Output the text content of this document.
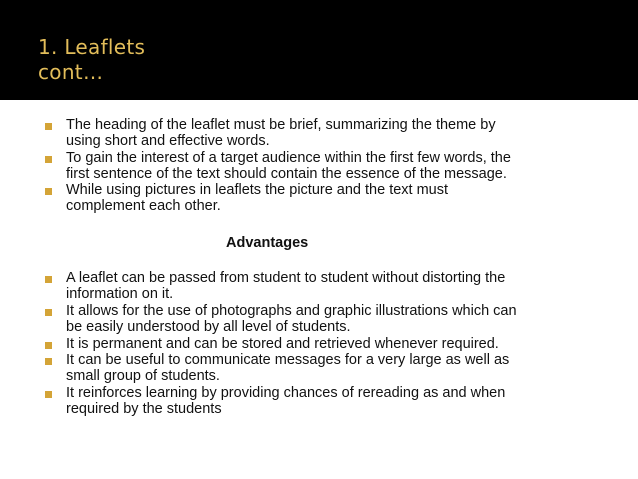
1. Leaflets
cont…
The heading of the leaflet must be brief, summarizing the theme by
using short and effective words.
To gain the interest of a target audience within the first few words, the
first sentence of the text should contain the essence of the message.
While using pictures in leaflets the picture and the text must
complement each other.
Advantages
A leaflet can be passed from student to student without distorting the
information on it.
It allows for the use of photographs and graphic illustrations which can
be easily understood by all level of students.
It is permanent and can be stored and retrieved whenever required.
It can be useful to communicate messages for a very large as well as
small group of students.
It reinforces learning by providing chances of rereading as and when
required by the students
